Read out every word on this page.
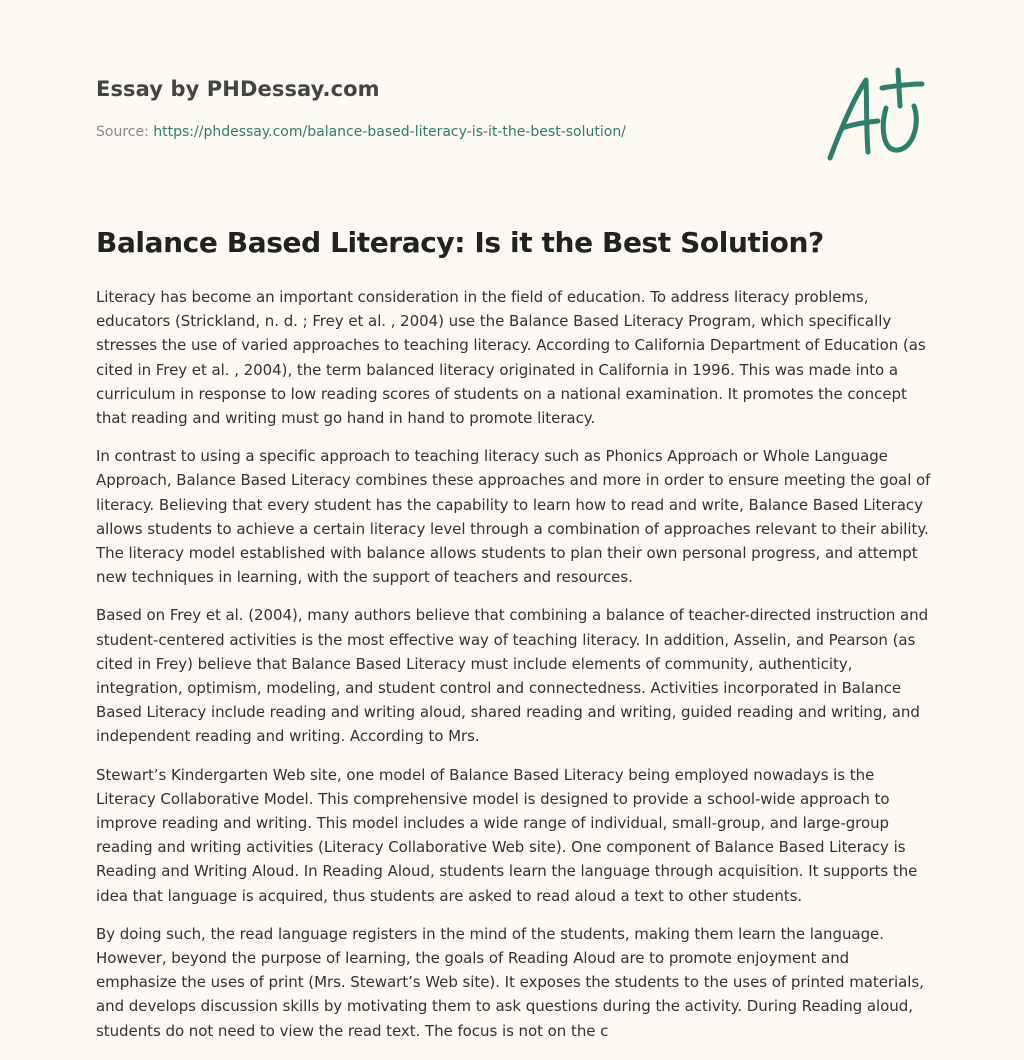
Essay by PHDessay.com
Source: https://phdessay.com/balance-based-literacy-is-it-the-best-solution/
Balance Based Literacy: Is it the Best Solution?

Literacy has become an important consideration in the field of education. To address literacy problems, educators (Strickland, n. d. ; Frey et al. , 2004) use the Balance Based Literacy Program, which specifically stresses the use of varied approaches to teaching literacy. According to California Department of Education (as cited in Frey et al. , 2004), the term balanced literacy originated in California in 1996. This was made into a curriculum in response to low reading scores of students on a national examination. It promotes the concept that reading and writing must go hand in hand to promote literacy.

In contrast to using a specific approach to teaching literacy such as Phonics Approach or Whole Language Approach, Balance Based Literacy combines these approaches and more in order to ensure meeting the goal of literacy. Believing that every student has the capability to learn how to read and write, Balance Based Literacy allows students to achieve a certain literacy level through a combination of approaches relevant to their ability. The literacy model established with balance allows students to plan their own personal progress, and attempt new techniques in learning, with the support of teachers and resources.

Based on Frey et al. (2004), many authors believe that combining a balance of teacher-directed instruction and student-centered activities is the most effective way of teaching literacy. In addition, Asselin, and Pearson (as cited in Frey) believe that Balance Based Literacy must include elements of community, authenticity, integration, optimism, modeling, and student control and connectedness. Activities incorporated in Balance Based Literacy include reading and writing aloud, shared reading and writing, guided reading and writing, and independent reading and writing. According to Mrs.

Stewart’s Kindergarten Web site, one model of Balance Based Literacy being employed nowadays is the Literacy Collaborative Model. This comprehensive model is designed to provide a school-wide approach to improve reading and writing. This model includes a wide range of individual, small-group, and large-group reading and writing activities (Literacy Collaborative Web site). One component of Balance Based Literacy is Reading and Writing Aloud. In Reading Aloud, students learn the language through acquisition. It supports the idea that language is acquired, thus students are asked to read aloud a text to other students.

By doing such, the read language registers in the mind of the students, making them learn the language. However, beyond the purpose of learning, the goals of Reading Aloud are to promote enjoyment and emphasize the uses of print (Mrs. Stewart’s Web site). It exposes the students to the uses of printed materials, and develops discussion skills by motivating them to ask questions during the activity. During Reading aloud, students do not need to view the read text. The focus is not on the c
